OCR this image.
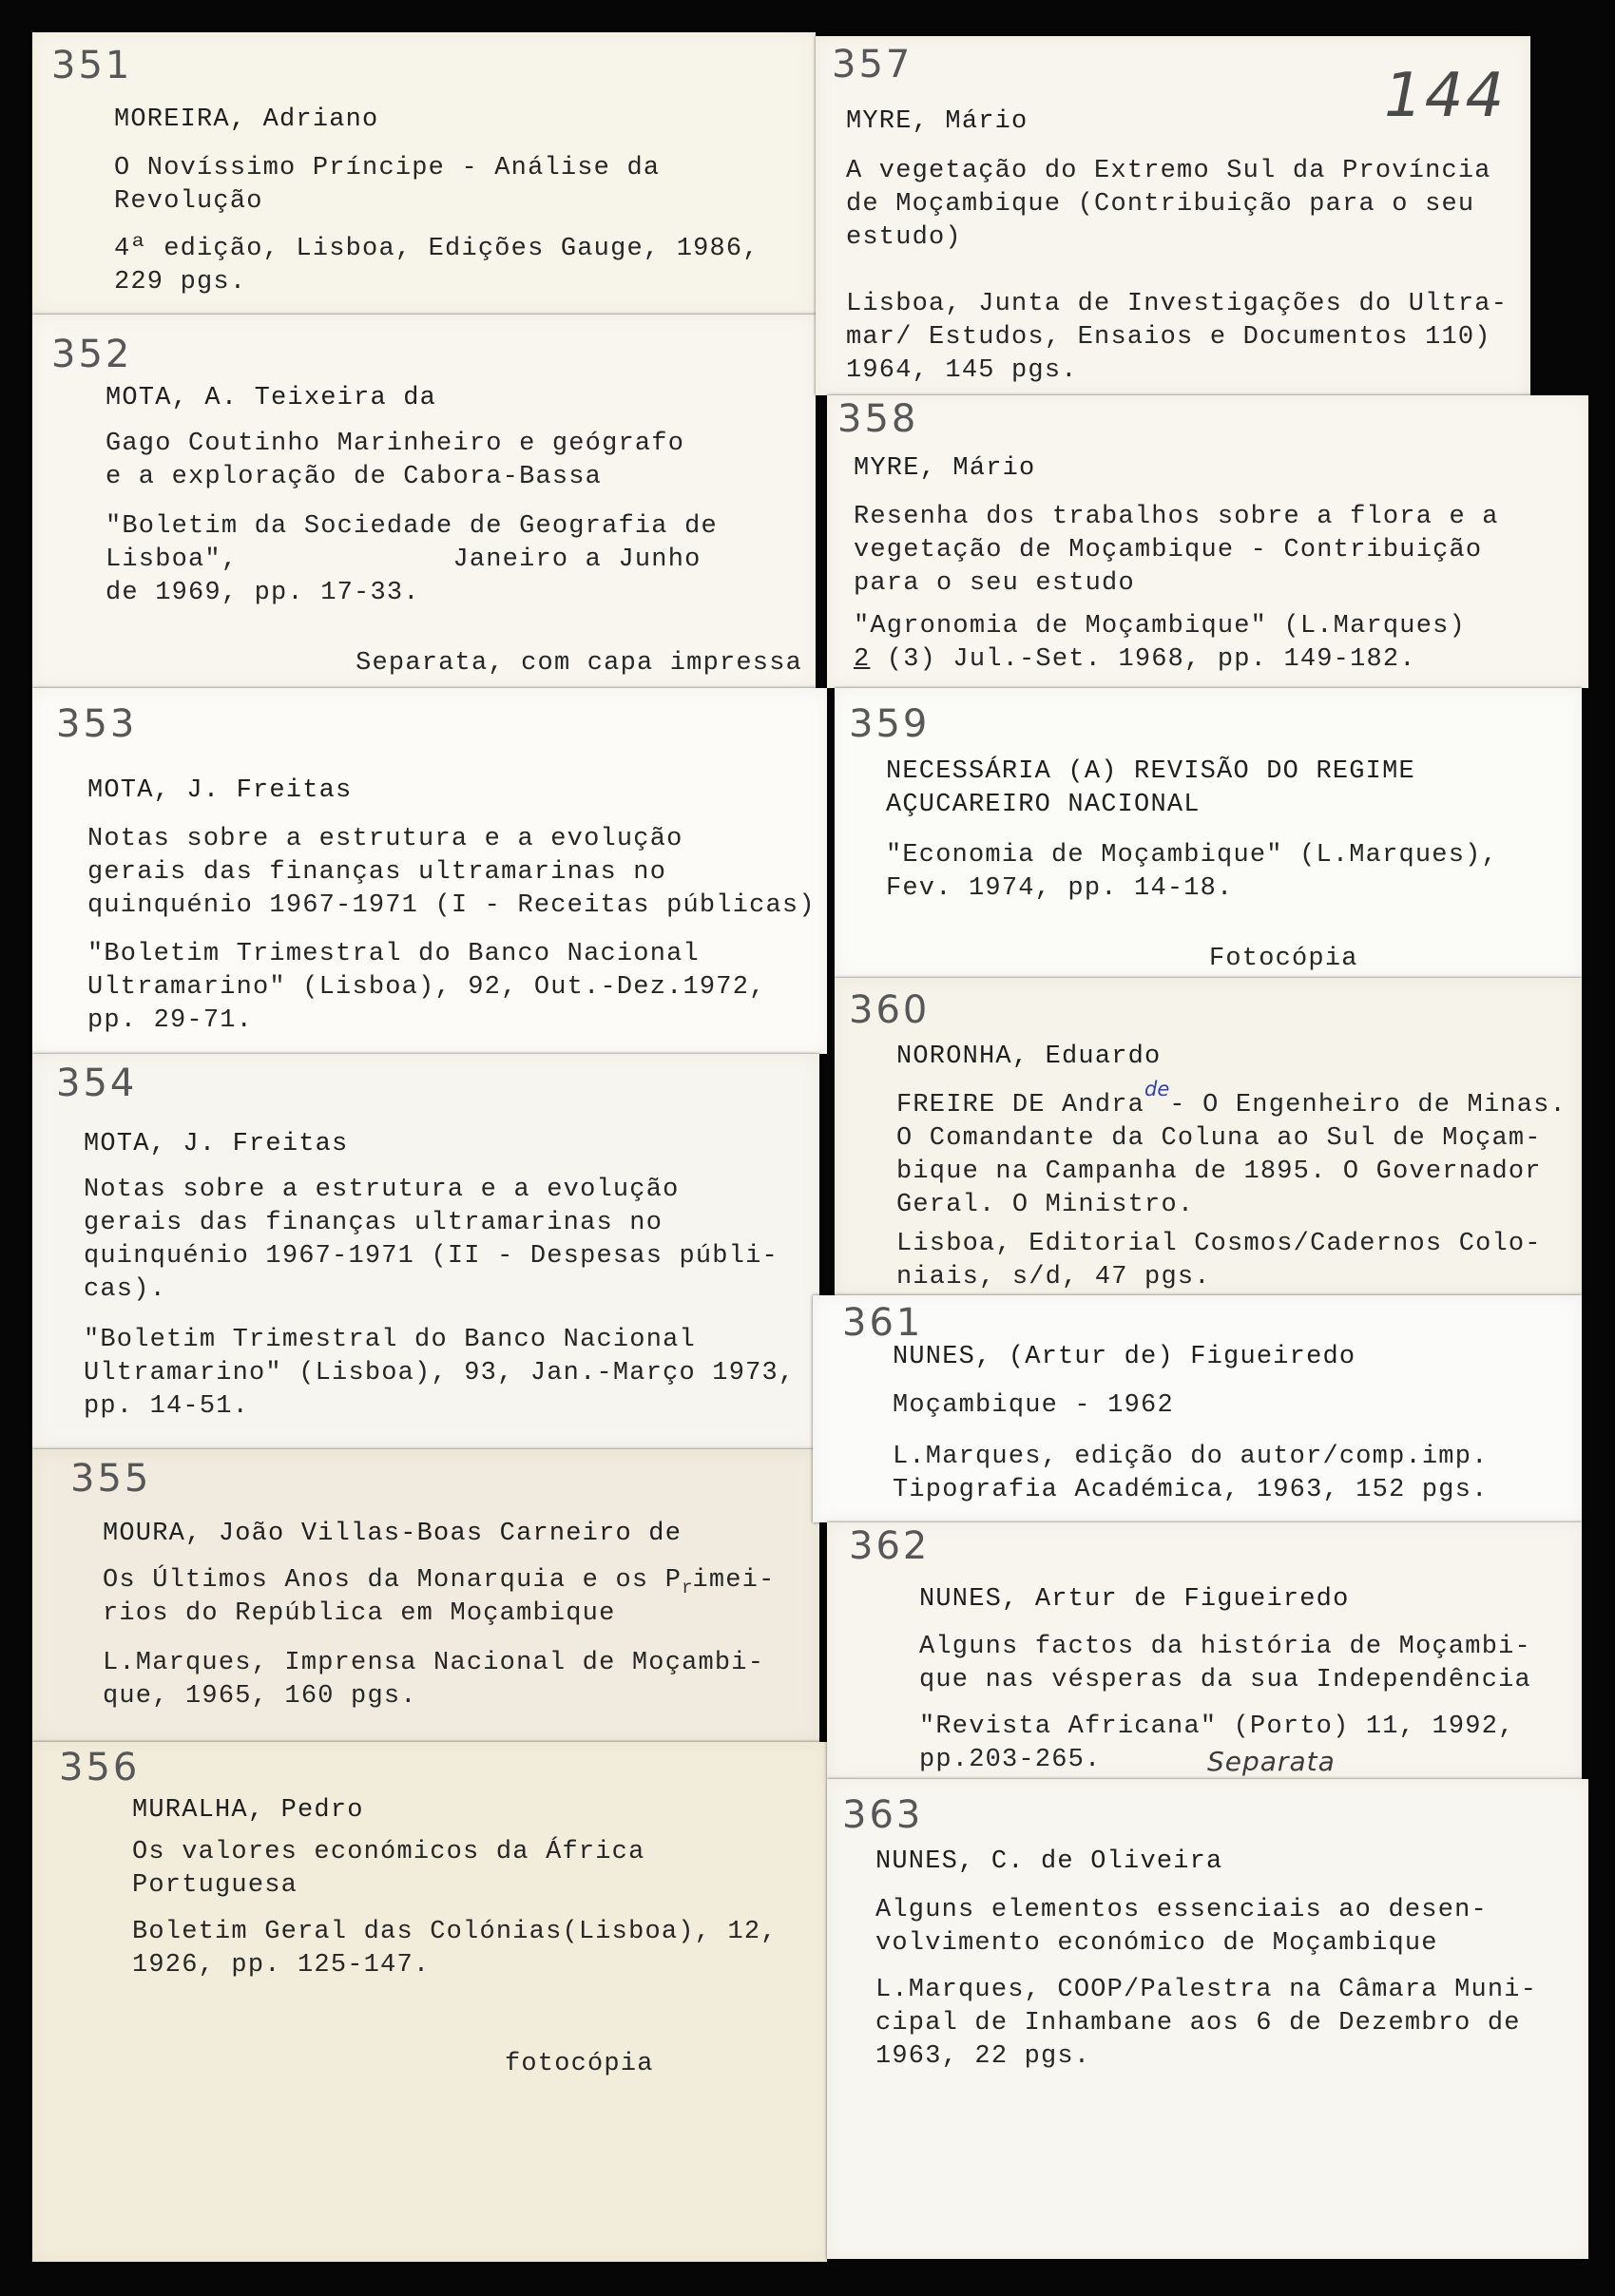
351
MOREIRA, Adriano
O Novíssimo Príncipe - Análise da
Revolução
4ª edição, Lisboa, Edições Gauge, 1986,
229 pgs.
352
MOTA, A. Teixeira da
Gago Coutinho Marinheiro e geógrafo
e a exploração de Cabora-Bassa
"Boletim da Sociedade de Geografia de
Lisboa",             Janeiro a Junho
de 1969, pp. 17-33.
Separata, com capa impressa
353
MOTA, J. Freitas
Notas sobre a estrutura e a evolução
gerais das finanças ultramarinas no
quinquénio 1967-1971 (I - Receitas públicas)
"Boletim Trimestral do Banco Nacional
Ultramarino" (Lisboa), 92, Out.-Dez.1972,
pp. 29-71.
354
MOTA, J. Freitas
Notas sobre a estrutura e a evolução
gerais das finanças ultramarinas no
quinquénio 1967-1971 (II - Despesas públi-
cas).
"Boletim Trimestral do Banco Nacional
Ultramarino" (Lisboa), 93, Jan.-Março 1973,
pp. 14-51.
355
MOURA, João Villas-Boas Carneiro de
Os Últimos Anos da Monarquia e os Primei-
rios do República em Moçambique
L.Marques, Imprensa Nacional de Moçambi-
que, 1965, 160 pgs.
356
MURALHA, Pedro
Os valores económicos da África
Portuguesa
Boletim Geral das Colónias(Lisboa), 12,
1926, pp. 125-147.
fotocópia
357	144
MYRE, Mário
A vegetação do Extremo Sul da Província
de Moçambique (Contribuição para o seu
estudo)
Lisboa, Junta de Investigações do Ultra-
mar/ Estudos, Ensaios e Documentos 110)
1964, 145 pgs.
358
MYRE, Mário
Resenha dos trabalhos sobre a flora e a
vegetação de Moçambique - Contribuição
para o seu estudo
"Agronomia de Moçambique" (L.Marques)
2 (3) Jul.-Set. 1968, pp. 149-182.
359
NECESSÁRIA (A) REVISÃO DO REGIME
AÇUCAREIRO NACIONAL
"Economia de Moçambique" (L.Marques),
Fev. 1974, pp. 14-18.
Fotocópia
360
NORONHA, Eduardo
FREIRE DE Andrade- O Engenheiro de Minas.
O Comandante da Coluna ao Sul de Moçam-
bique na Campanha de 1895. O Governador
Geral. O Ministro.
Lisboa, Editorial Cosmos/Cadernos Colo-
niais, s/d, 47 pgs.
361
NUNES, (Artur de) Figueiredo
Moçambique - 1962
L.Marques, edição do autor/comp.imp.
Tipografia Académica, 1963, 152 pgs.
362
NUNES, Artur de Figueiredo
Alguns factos da história de Moçambi-
que nas vésperas da sua Independência
"Revista Africana" (Porto) 11, 1992,
pp.203-265.	Separata
363
NUNES, C. de Oliveira
Alguns elementos essenciais ao desen-
volvimento económico de Moçambique
L.Marques, COOP/Palestra na Câmara Muni-
cipal de Inhambane aos 6 de Dezembro de
1963, 22 pgs.
